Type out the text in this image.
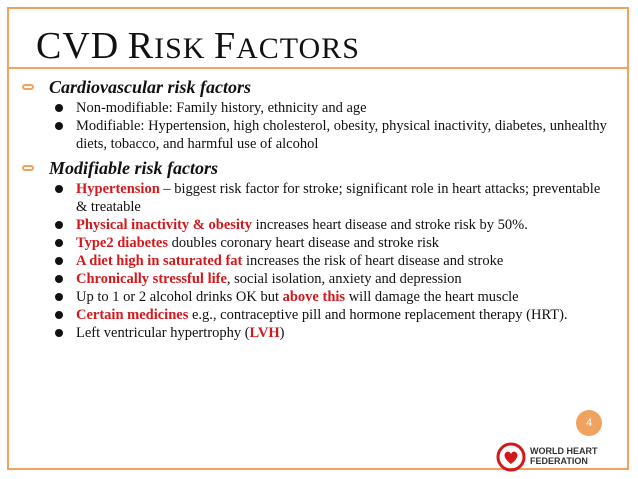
CVD RISK FACTORS

Cardiovascular risk factors

Non-modifiable: Family history, ethnicity and age

Modifiable: Hypertension, high cholesterol, obesity, physical inactivity, diabetes, unhealthy diets, tobacco, and harmful use of alcohol

Modifiable risk factors

Hypertension – biggest risk factor for stroke; significant role in heart attacks; preventable & treatable

Physical inactivity & obesity increases heart disease and stroke risk by 50%.

Type2 diabetes doubles coronary heart disease and stroke risk

A diet high in saturated fat increases the risk of heart disease and stroke

Chronically stressful life, social isolation, anxiety and depression

Up to 1 or 2 alcohol drinks OK but above this will damage the heart muscle

Certain medicines e.g., contraceptive pill and hormone replacement therapy (HRT).

Left ventricular hypertrophy (LVH)

4
WORLD HEART
FEDERATION
